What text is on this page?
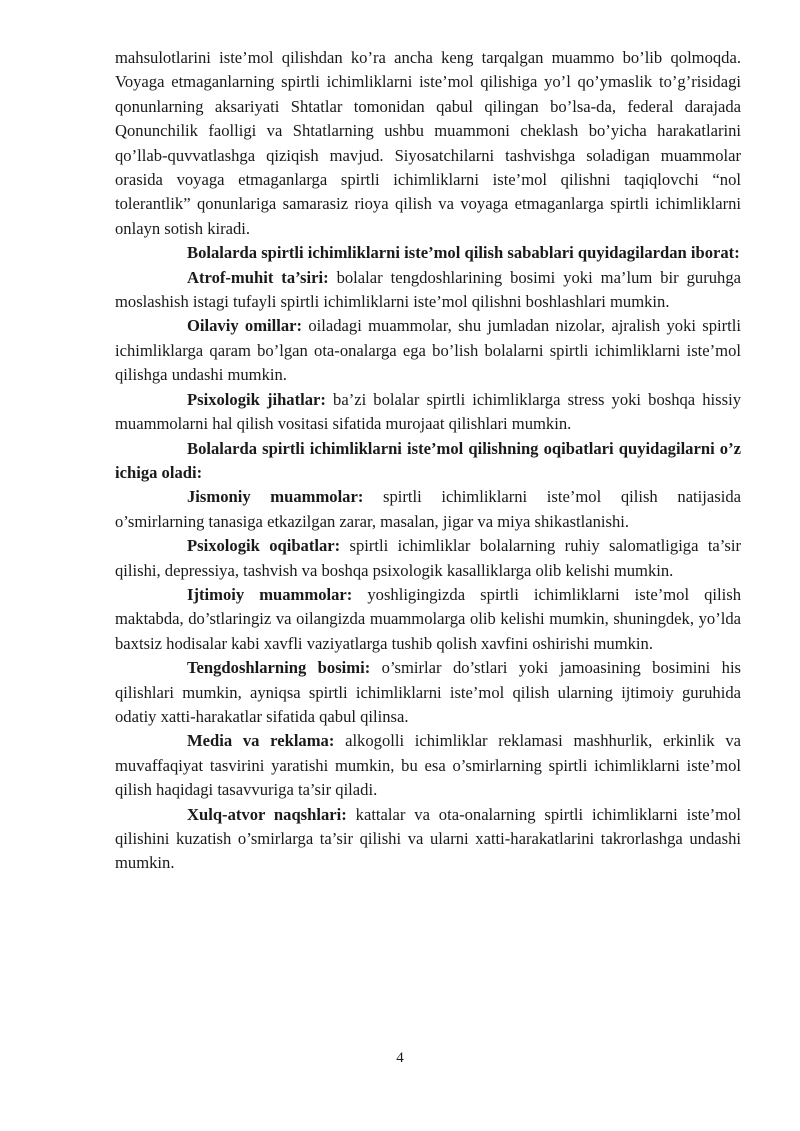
mahsulotlarini iste’mol qilishdan ko’ra ancha keng tarqalgan muammo bo’lib qolmoqda. Voyaga etmaganlarning spirtli ichimliklarni iste’mol qilishiga yo’l qo’ymaslik to’g’risidagi qonunlarning aksariyati Shtatlar tomonidan qabul qilingan bo’lsa-da, federal darajada Qonunchilik faolligi va Shtatlarning ushbu muammoni cheklash bo’yicha harakatlarini qo’llab-quvvatlashga qiziqish mavjud. Siyosatchilarni tashvishga soladigan muammolar orasida voyaga etmaganlarga spirtli ichimliklarni iste’mol qilishni taqiqlovchi “nol tolerantlik” qonunlariga samarasiz rioya qilish va voyaga etmaganlarga spirtli ichimliklarni onlayn sotish kiradi.

Bolalarda spirtli ichimliklarni iste’mol qilish sabablari quyidagilardan iborat:

Atrof-muhit ta’siri: bolalar tengdoshlarining bosimi yoki ma’lum bir guruhga moslashish istagi tufayli spirtli ichimliklarni iste’mol qilishni boshlashlari mumkin.

Oilaviy omillar: oiladagi muammolar, shu jumladan nizolar, ajralish yoki spirtli ichimliklarga qaram bo’lgan ota-onalarga ega bo’lish bolalarni spirtli ichimliklarni iste’mol qilishga undashi mumkin.

Psixologik jihatlar: ba’zi bolalar spirtli ichimliklarga stress yoki boshqa hissiy muammolarni hal qilish vositasi sifatida murojaat qilishlari mumkin.

Bolalarda spirtli ichimliklarni iste’mol qilishning oqibatlari quyidagilarni o’z ichiga oladi:

Jismoniy muammolar: spirtli ichimliklarni iste’mol qilish natijasida o’smirlarning tanasiga etkazilgan zarar, masalan, jigar va miya shikastlanishi.

Psixologik oqibatlar: spirtli ichimliklar bolalarning ruhiy salomatligiga ta’sir qilishi, depressiya, tashvish va boshqa psixologik kasalliklarga olib kelishi mumkin.

Ijtimoiy muammolar: yoshligingizda spirtli ichimliklarni iste’mol qilish maktabda, do’stlaringiz va oilangizda muammolarga olib kelishi mumkin, shuningdek, yo’lda baxtsiz hodisalar kabi xavfli vaziyatlarga tushib qolish xavfini oshirishi mumkin.

Tengdoshlarning bosimi: o’smirlar do’stlari yoki jamoasining bosimini his qilishlari mumkin, ayniqsa spirtli ichimliklarni iste’mol qilish ularning ijtimoiy guruhida odatiy xatti-harakatlar sifatida qabul qilinsa.

Media va reklama: alkogolli ichimliklar reklamasi mashhurlik, erkinlik va muvaffaqiyat tasvirini yaratishi mumkin, bu esa o’smirlarning spirtli ichimliklarni iste’mol qilish haqidagi tasavvuriga ta’sir qiladi.

Xulq-atvor naqshlari: kattalar va ota-onalarning spirtli ichimliklarni iste’mol qilishini kuzatish o’smirlarga ta’sir qilishi va ularni xatti-harakatlarini takrorlashga undashi mumkin.

4
